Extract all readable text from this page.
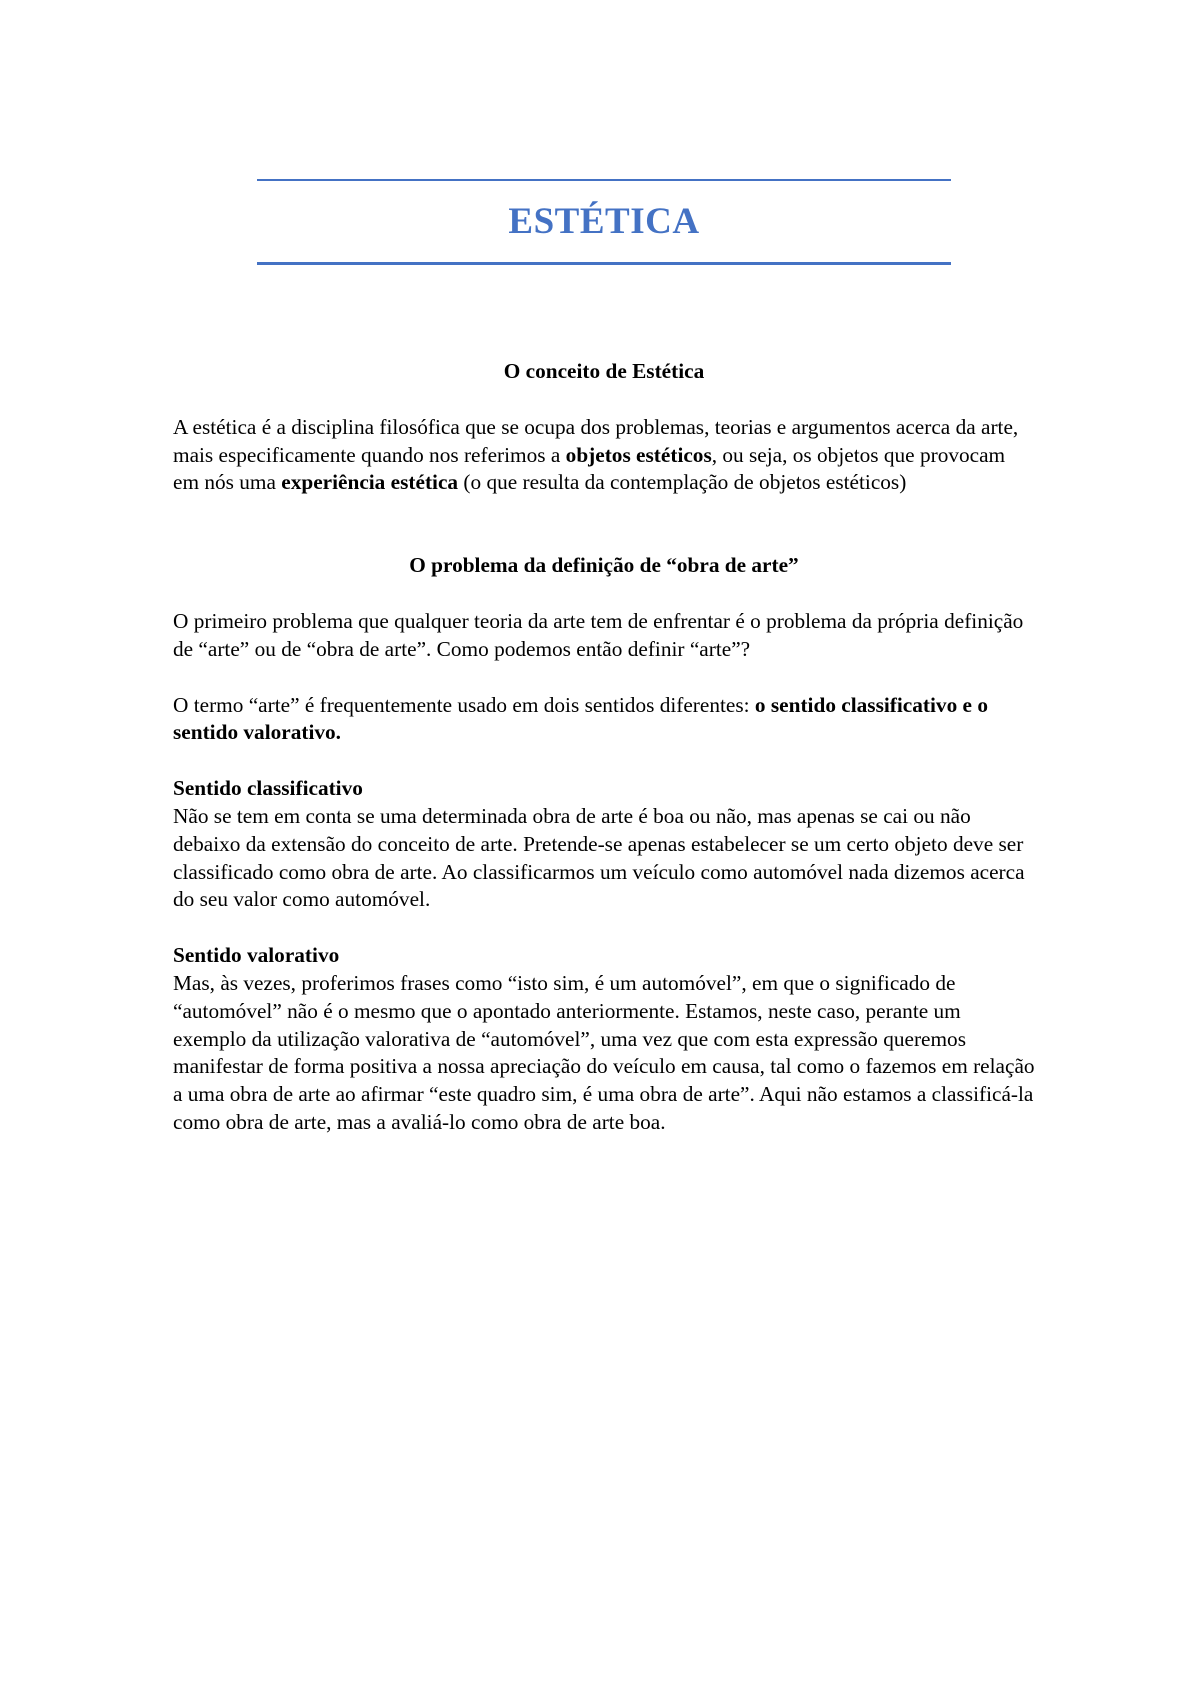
ESTÉTICA

O conceito de Estética

A estética é a disciplina filosófica que se ocupa dos problemas, teorias e argumentos acerca da arte, mais especificamente quando nos referimos a objetos estéticos, ou seja, os objetos que provocam em nós uma experiência estética (o que resulta da contemplação de objetos estéticos)

O problema da definição de “obra de arte”

O primeiro problema que qualquer teoria da arte tem de enfrentar é o problema da própria definição de “arte” ou de “obra de arte”. Como podemos então definir “arte”?

O termo “arte” é frequentemente usado em dois sentidos diferentes: o sentido classificativo e o sentido valorativo.

Sentido classificativo

Não se tem em conta se uma determinada obra de arte é boa ou não, mas apenas se cai ou não debaixo da extensão do conceito de arte. Pretende-se apenas estabelecer se um certo objeto deve ser classificado como obra de arte. Ao classificarmos um veículo como automóvel nada dizemos acerca do seu valor como automóvel.

Sentido valorativo

Mas, às vezes, proferimos frases como “isto sim, é um automóvel”, em que o significado de “automóvel” não é o mesmo que o apontado anteriormente. Estamos, neste caso, perante um exemplo da utilização valorativa de “automóvel”, uma vez que com esta expressão queremos manifestar de forma positiva a nossa apreciação do veículo em causa, tal como o fazemos em relação a uma obra de arte ao afirmar “este quadro sim, é uma obra de arte”. Aqui não estamos a classificá-la como obra de arte, mas a avaliá-lo como obra de arte boa.
